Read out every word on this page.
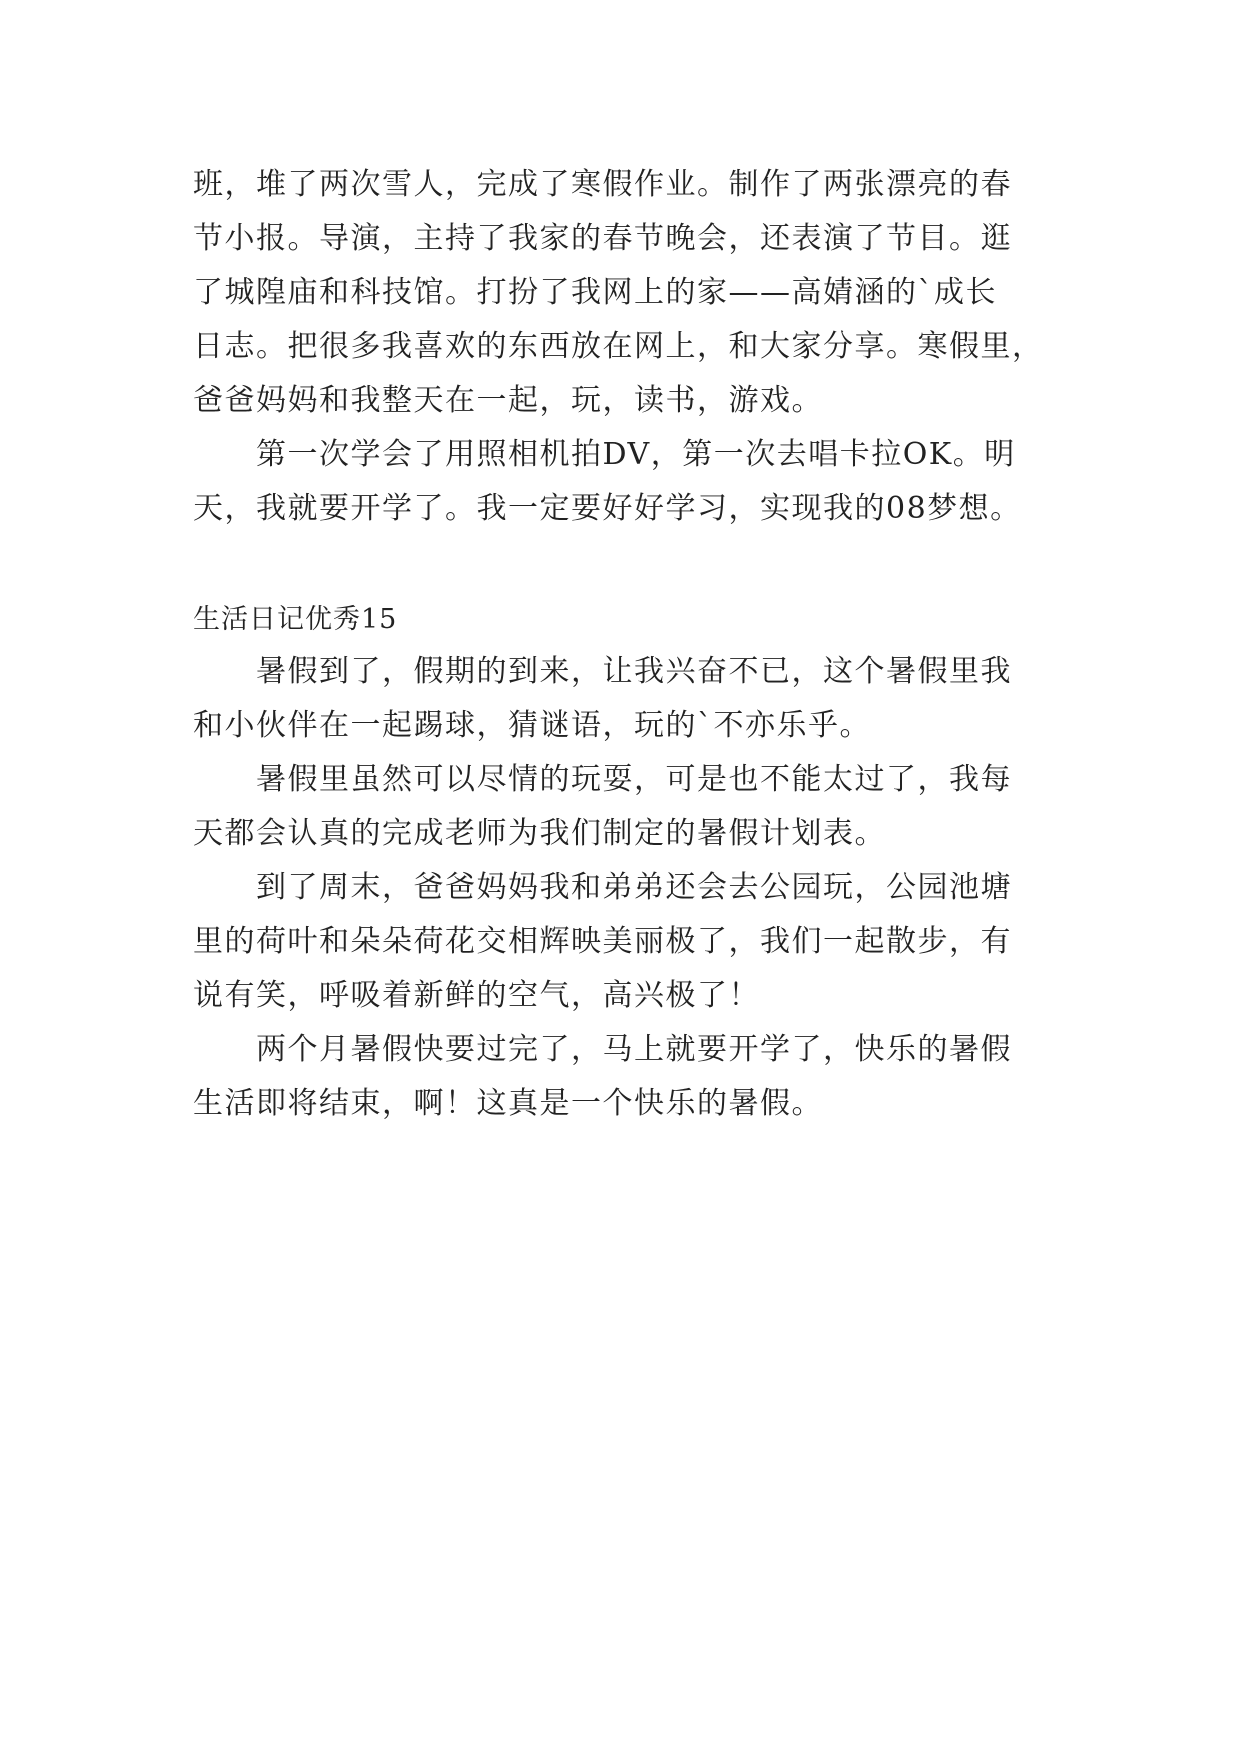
班，堆了两次雪人，完成了寒假作业。制作了两张漂亮的春
节小报。导演，主持了我家的春节晚会，还表演了节目。逛
了城隍庙和科技馆。打扮了我网上的家——高婧涵的`成长
日志。把很多我喜欢的东西放在网上，和大家分享。寒假里，
爸爸妈妈和我整天在一起，玩，读书，游戏。
第一次学会了用照相机拍DV，第一次去唱卡拉OK。明
天，我就要开学了。我一定要好好学习，实现我的08梦想。
生活日记优秀15
暑假到了，假期的到来，让我兴奋不已，这个暑假里我
和小伙伴在一起踢球，猜谜语，玩的`不亦乐乎。
暑假里虽然可以尽情的玩耍，可是也不能太过了，我每
天都会认真的完成老师为我们制定的暑假计划表。
到了周末，爸爸妈妈我和弟弟还会去公园玩，公园池塘
里的荷叶和朵朵荷花交相辉映美丽极了，我们一起散步，有
说有笑，呼吸着新鲜的空气，高兴极了！
两个月暑假快要过完了，马上就要开学了，快乐的暑假
生活即将结束，啊！这真是一个快乐的暑假。
